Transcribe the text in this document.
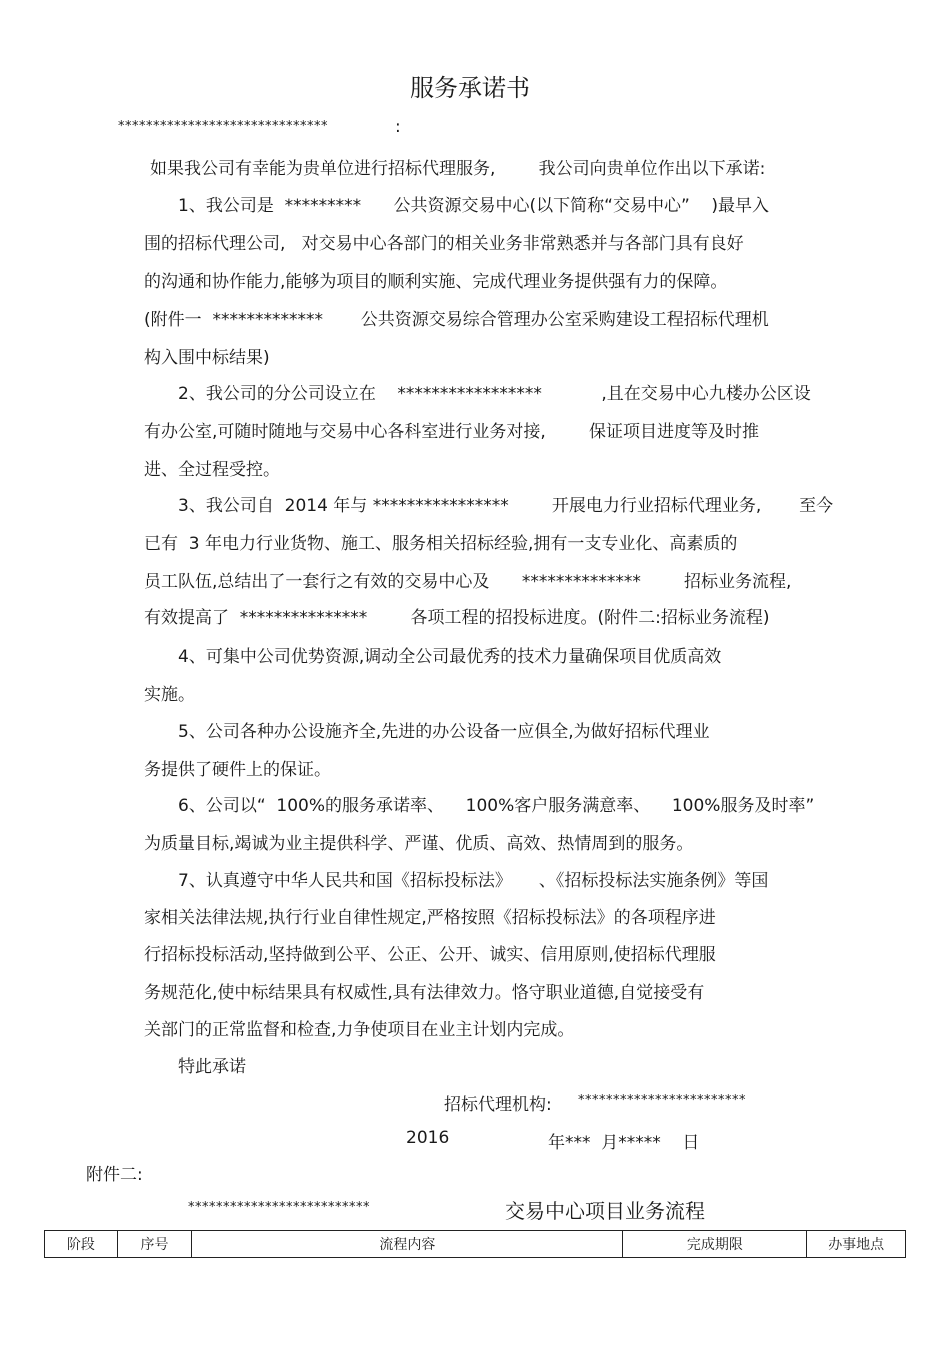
服务承诺书
******************************	:
如果我公司有幸能为贵单位进行招标代理服务,        我公司向贵单位作出以下承诺:
1、我公司是  *********      公共资源交易中心(以下简称“交易中心”    )最早入
围的招标代理公司,   对交易中心各部门的相关业务非常熟悉并与各部门具有良好
的沟通和协作能力,能够为项目的顺利实施、完成代理业务提供强有力的保障。
(附件一  *************       公共资源交易综合管理办公室采购建设工程招标代理机
构入围中标结果)
2、我公司的分公司设立在    *****************           ,且在交易中心九楼办公区设
有办公室,可随时随地与交易中心各科室进行业务对接,        保证项目进度等及时推
进、全过程受控。
3、我公司自  2014 年与 ****************        开展电力行业招标代理业务,       至今
已有  3 年电力行业货物、施工、服务相关招标经验,拥有一支专业化、高素质的
员工队伍,总结出了一套行之有效的交易中心及      **************        招标业务流程,
有效提高了  ***************        各项工程的招投标进度。(附件二:招标业务流程)
4、可集中公司优势资源,调动全公司最优秀的技术力量确保项目优质高效
实施。
5、公司各种办公设施齐全,先进的办公设备一应俱全,为做好招标代理业
务提供了硬件上的保证。
6、公司以“  100%的服务承诺率、    100%客户服务满意率、    100%服务及时率”
为质量目标,竭诚为业主提供科学、严谨、优质、高效、热情周到的服务。
7、认真遵守中华人民共和国《招标投标法》     、《招标投标法实施条例》等国
家相关法律法规,执行行业自律性规定,严格按照《招标投标法》的各项程序进
行招标投标活动,坚持做到公平、公正、公开、诚实、信用原则,使招标代理服
务规范化,使中标结果具有权威性,具有法律效力。恪守职业道德,自觉接受有
关部门的正常监督和检查,力争使项目在业主计划内完成。
特此承诺
招标代理机构: ************************
2016	年***  月*****    日
附件二:
**************************	交易中心项目业务流程
阶段	序号	流程内容	完成期限	办事地点
